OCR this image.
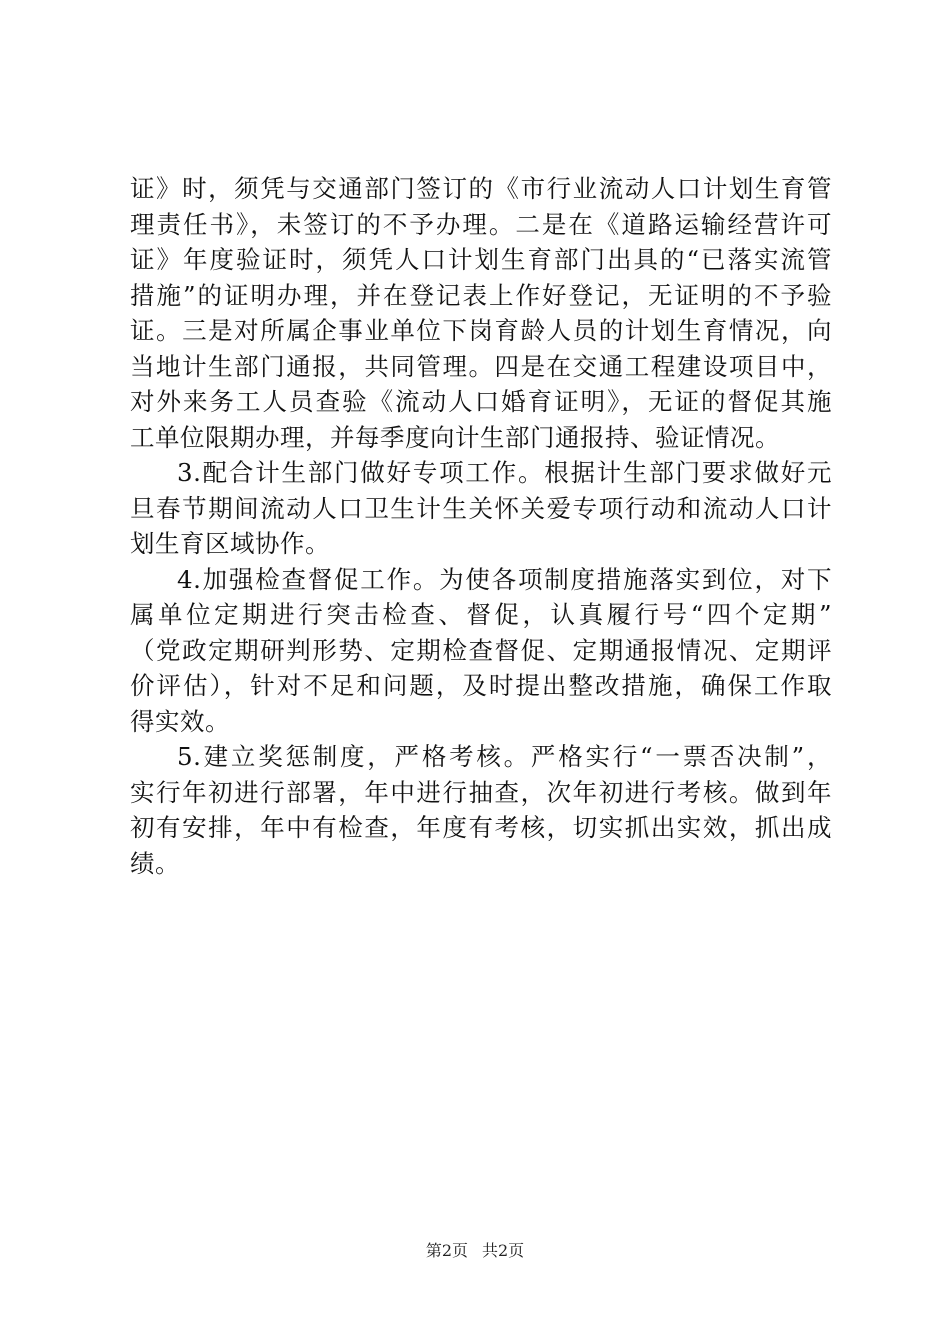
证》时，须凭与交通部门签订的《市行业流动人口计划生育管
理责任书》，未签订的不予办理。二是在《道路运输经营许可
证》年度验证时，须凭人口计划生育部门出具的“已落实流管
措施”的证明办理，并在登记表上作好登记，无证明的不予验
证。三是对所属企事业单位下岗育龄人员的计划生育情况，向
当地计生部门通报，共同管理。四是在交通工程建设项目中，
对外来务工人员查验《流动人口婚育证明》，无证的督促其施
工单位限期办理，并每季度向计生部门通报持、验证情况。
3.配合计生部门做好专项工作。根据计生部门要求做好元
旦春节期间流动人口卫生计生关怀关爱专项行动和流动人口计
划生育区域协作。
4.加强检查督促工作。为使各项制度措施落实到位，对下
属单位定期进行突击检查、督促，认真履行号“四个定期”
（党政定期研判形势、定期检查督促、定期通报情况、定期评
价评估），针对不足和问题，及时提出整改措施，确保工作取
得实效。
5.建立奖惩制度，严格考核。严格实行“一票否决制”，
实行年初进行部署，年中进行抽查，次年初进行考核。做到年
初有安排，年中有检查，年度有考核，切实抓出实效，抓出成
绩。
第2页 共2页
